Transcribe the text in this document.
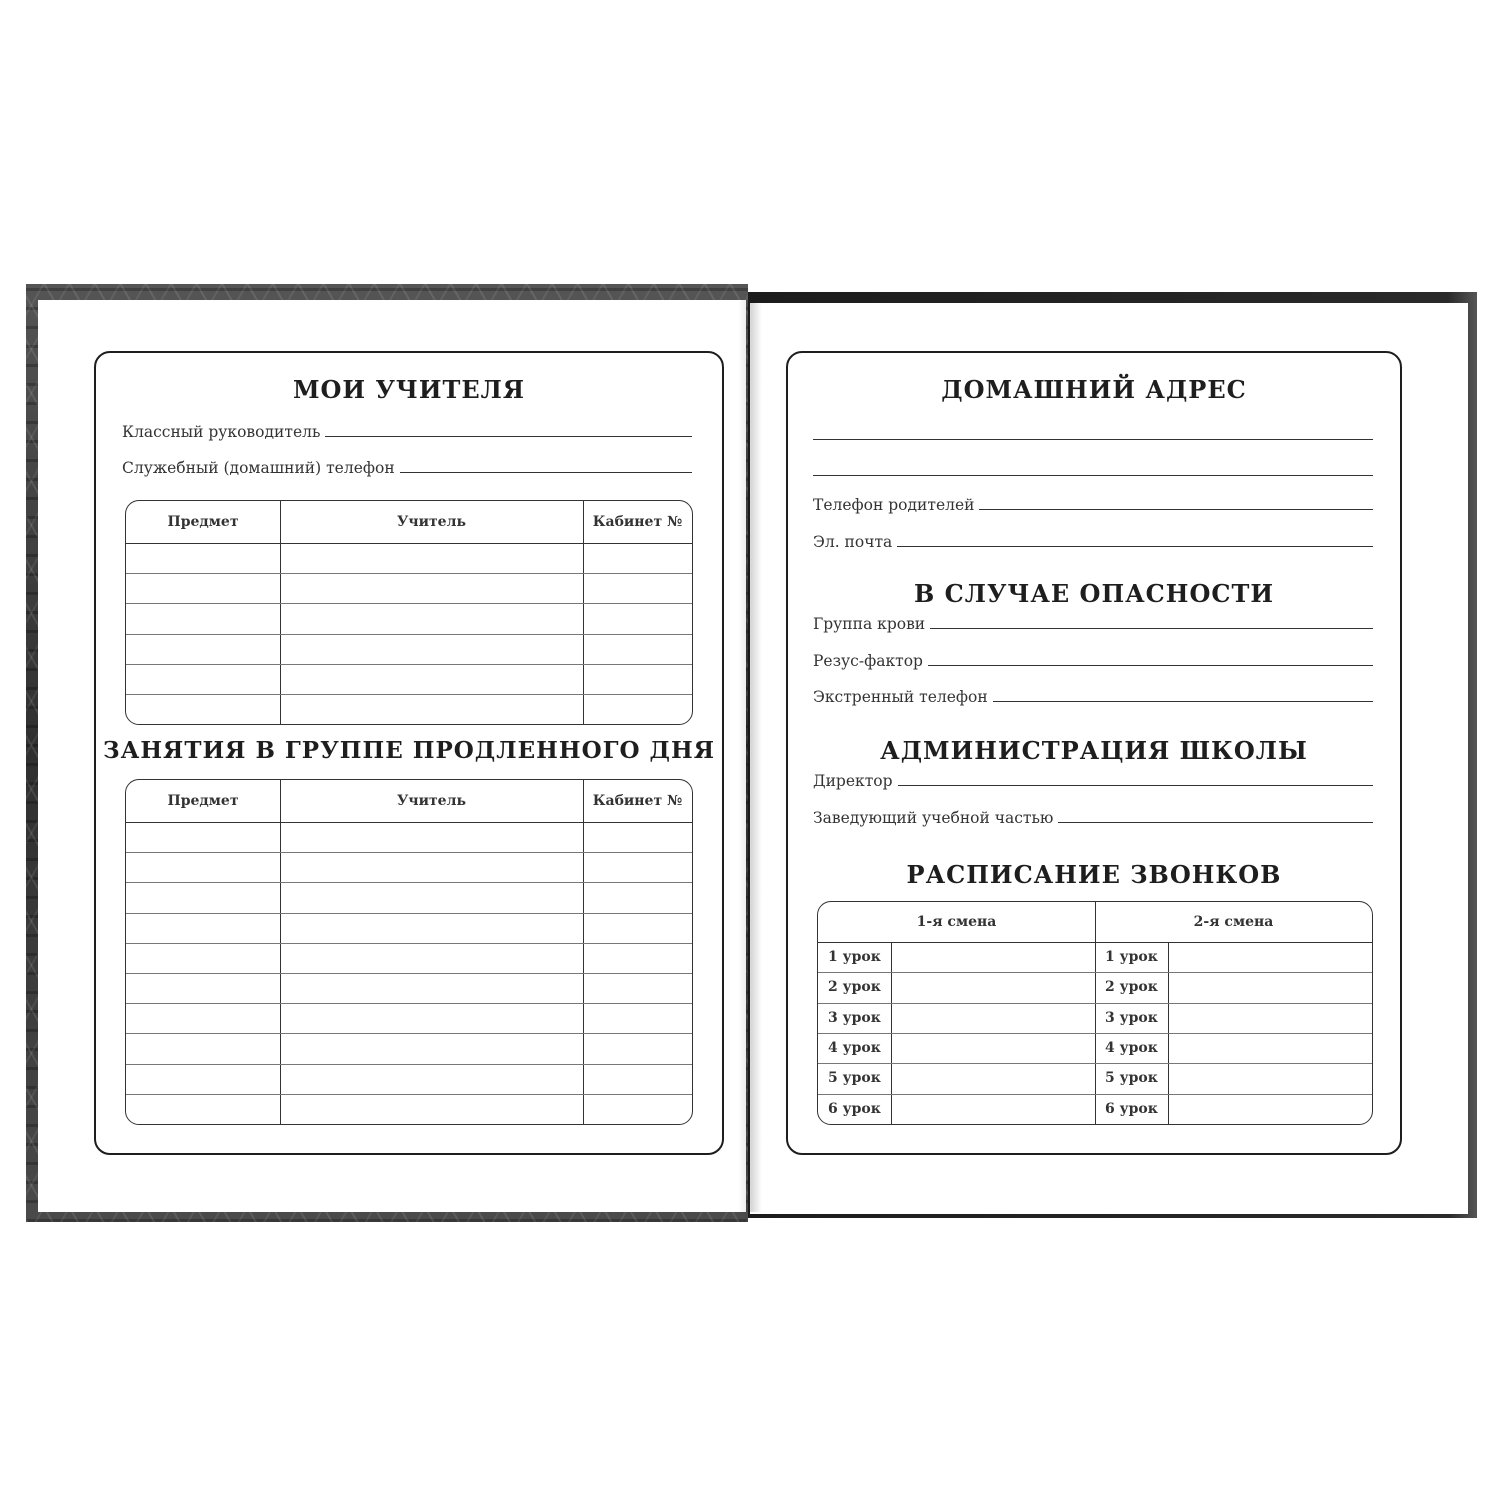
МОИ УЧИТЕЛЯ
Классный руководитель
Служебный (домашний) телефон
Предмет	Учитель	Кабинет №
ЗАНЯТИЯ В ГРУППЕ ПРОДЛЕННОГО ДНЯ
Предмет	Учитель	Кабинет №
ДОМАШНИЙ АДРЕС
Телефон родителей
Эл. почта
В СЛУЧАЕ ОПАСНОСТИ
Группа крови
Резус-фактор
Экстренный телефон
АДМИНИСТРАЦИЯ ШКОЛЫ
Директор
Заведующий учебной частью
РАСПИСАНИЕ ЗВОНКОВ
1-я смена	2-я смена
1 урок	1 урок
2 урок	2 урок
3 урок	3 урок
4 урок	4 урок
5 урок	5 урок
6 урок	6 урок
